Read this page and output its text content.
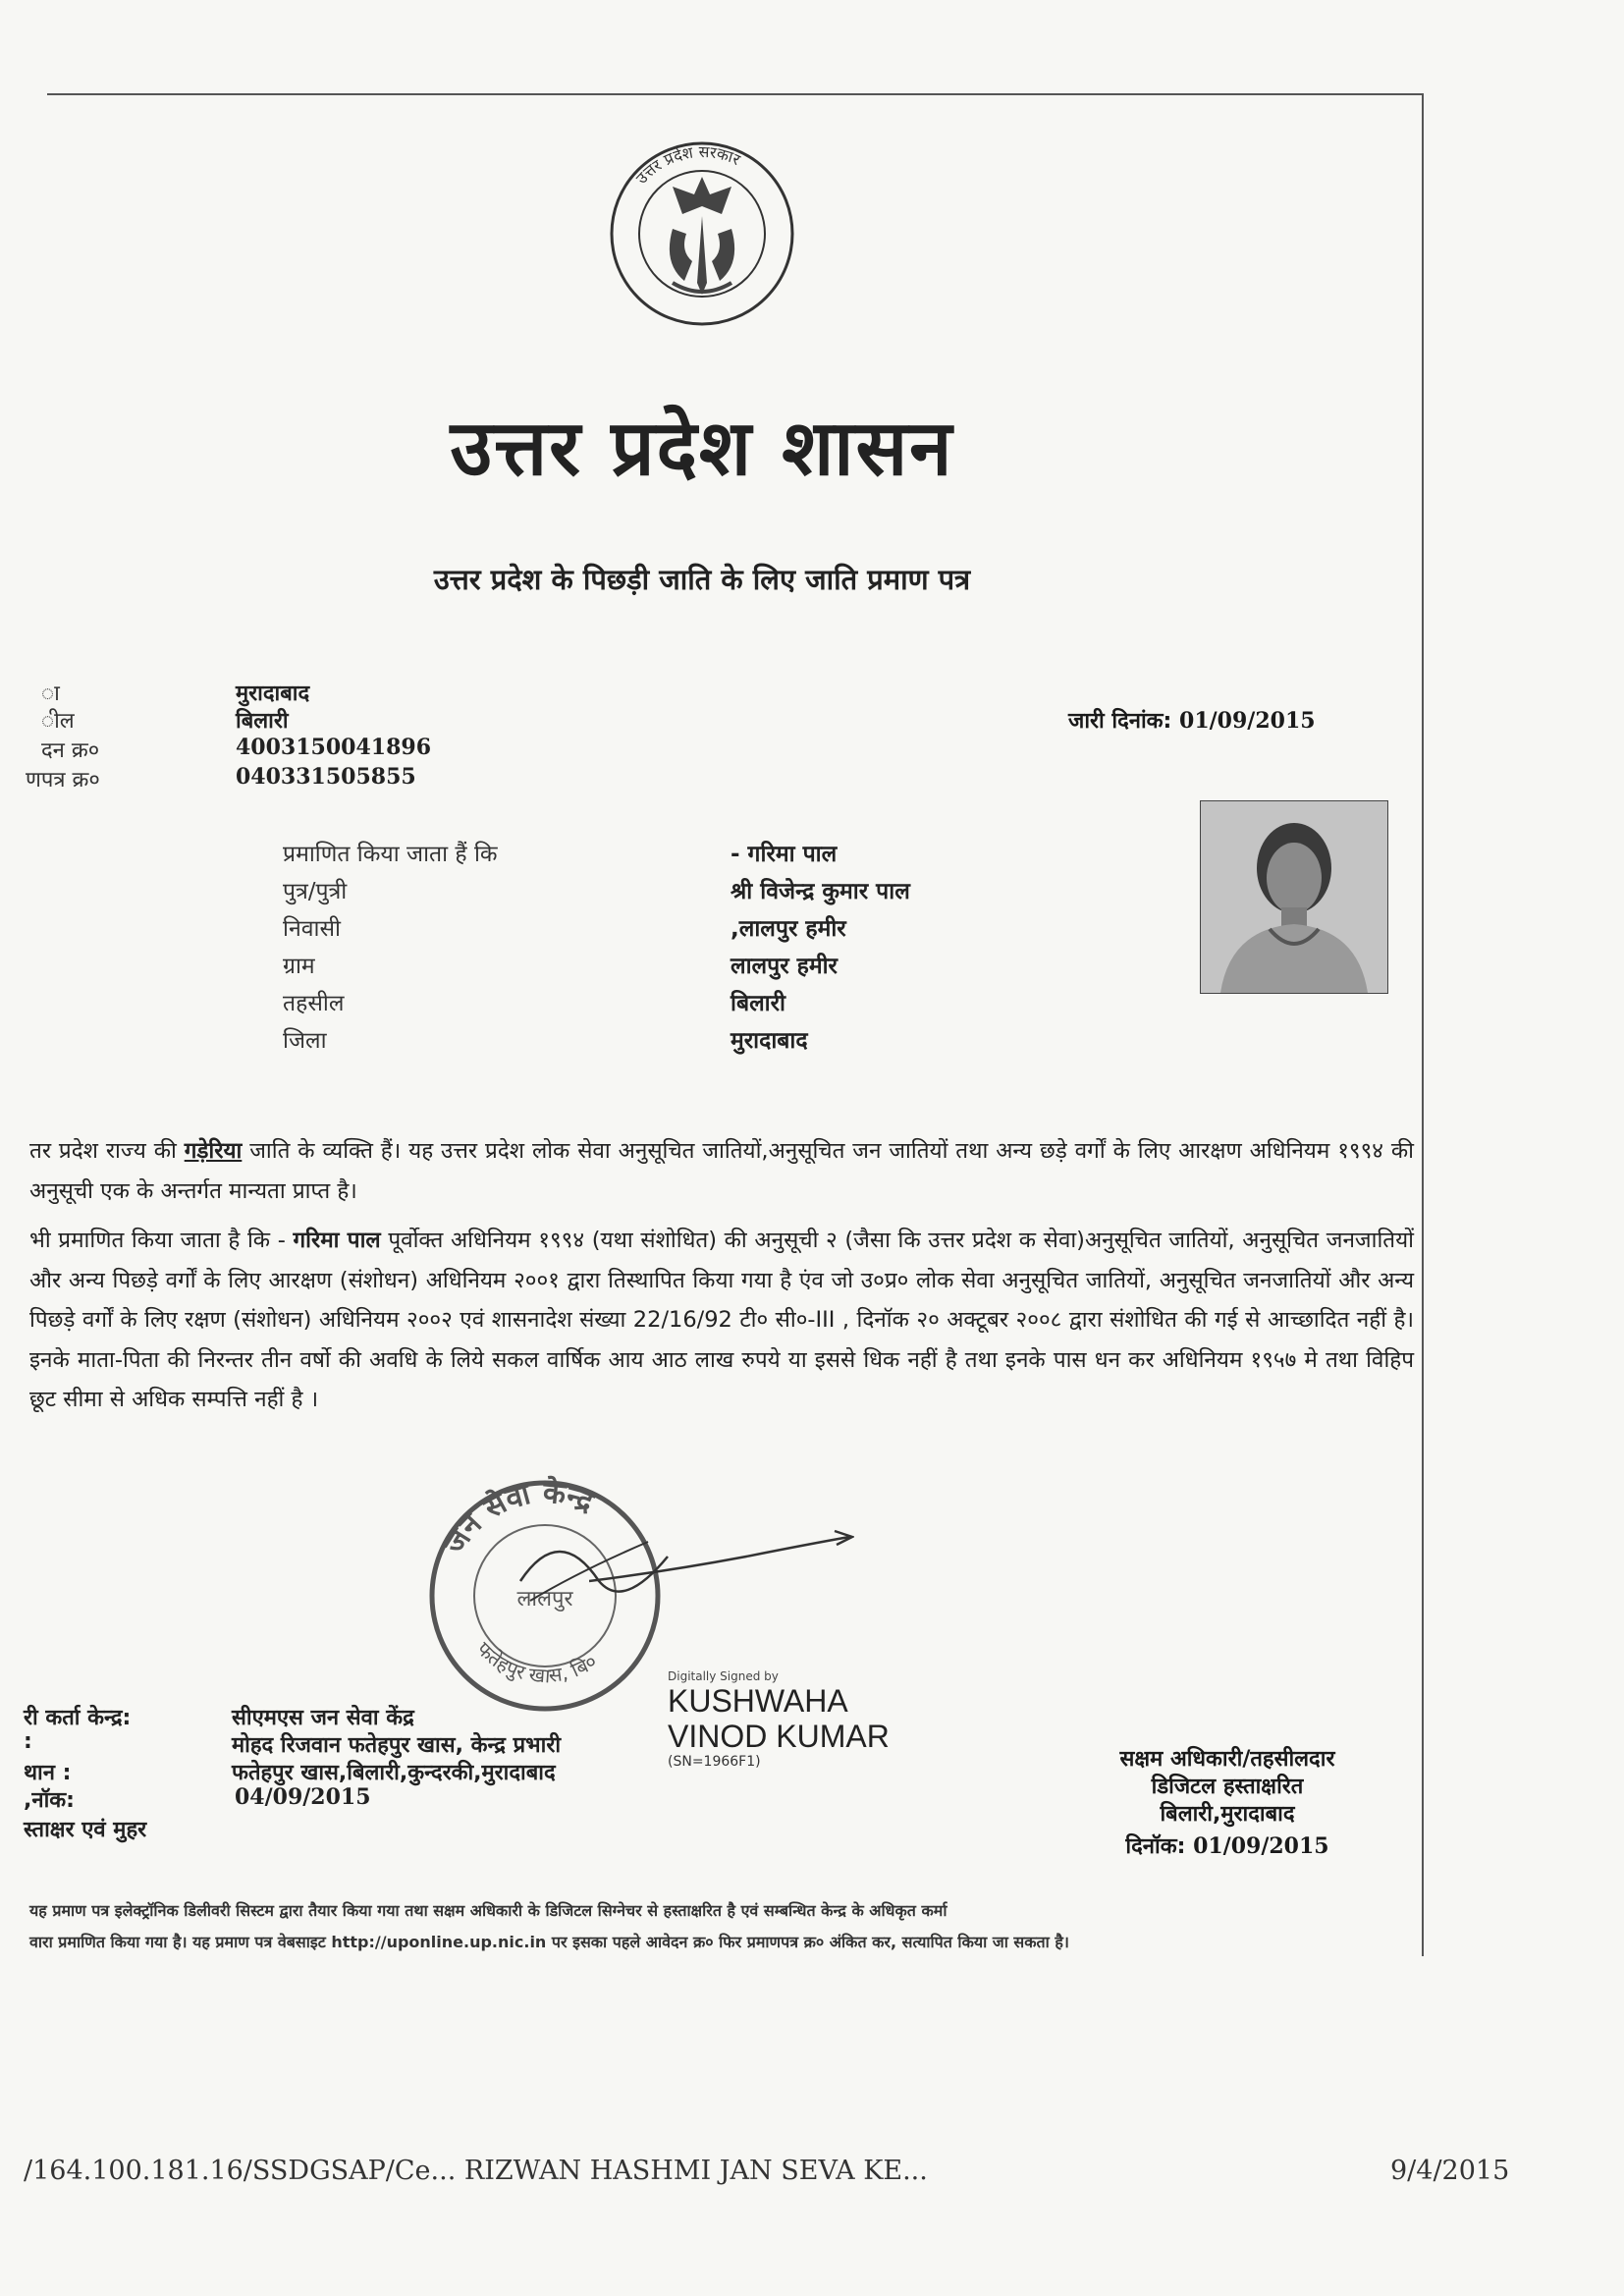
उत्तर प्रदेश सरकार
उत्तर प्रदेश शासन
उत्तर प्रदेश के पिछड़ी जाति के लिए जाति प्रमाण पत्र
ा	मुरादाबाद
ील	बिलारी
दन क्र०	4003150041896
णपत्र क्र०	040331505855
जारी दिनांक: 01/09/2015
प्रमाणित किया जाता हैं कि	- गरिमा पाल
पुत्र/पुत्री	श्री विजेन्द्र कुमार पाल
निवासी	,लालपुर हमीर
ग्राम	लालपुर हमीर
तहसील	बिलारी
जिला	मुरादाबाद
तर प्रदेश राज्य की गड़ेरिया जाति के व्यक्ति हैं। यह उत्तर प्रदेश लोक सेवा अनुसूचित जातियों,अनुसूचित जन जातियों तथा अन्य छड़े वर्गों के लिए आरक्षण अधिनियम १९९४ की अनुसूची एक के अन्तर्गत मान्यता प्राप्त है।
भी प्रमाणित किया जाता है कि - गरिमा पाल पूर्वोक्त अधिनियम १९९४ (यथा संशोधित) की अनुसूची २ (जैसा कि उत्तर प्रदेश क सेवा)अनुसूचित जातियों, अनुसूचित जनजातियों और अन्य पिछड़े वर्गों के लिए आरक्षण (संशोधन) अधिनियम २००१ द्वारा तिस्थापित किया गया है एंव जो उ०प्र० लोक सेवा अनुसूचित जातियों, अनुसूचित जनजातियों और अन्य पिछड़े वर्गों के लिए रक्षण (संशोधन) अधिनियम २००२ एवं शासनादेश संख्या 22/16/92 टी० सी०-III , दिनॉक २० अक्टूबर २००८ द्वारा संशोधित की गई से आच्छादित नहीं है।इनके माता-पिता की निरन्तर तीन वर्षो की अवधि के लिये सकल वार्षिक आय आठ लाख रुपये या इससे धिक नहीं है तथा इनके पास धन कर अधिनियम १९५७ मे तथा विहिप छूट सीमा से अधिक सम्पत्ति नहीं है ।
जन सेवा केन्द्र
लालपुर
फतेहपुर खास, बि०
Digitally Signed by
KUSHWAHA
VINOD KUMAR
(SN=1966F1)
री कर्ता केन्द्र:	सीएमएस जन सेवा केंद्र
:	मोहद रिजवान फतेहपुर खास, केन्द्र प्रभारी
थान :	फतेहपुर खास,बिलारी,कुन्दरकी,मुरादाबाद
,नॉक:	04/09/2015
स्ताक्षर एवं मुहर
सक्षम अधिकारी/तहसीलदार
डिजिटल हस्ताक्षरित
बिलारी,मुरादाबाद
दिनॉक: 01/09/2015
यह प्रमाण पत्र इलेक्ट्रॉनिक डिलीवरी सिस्टम द्वारा तैयार किया गया तथा सक्षम अधिकारी के डिजिटल सिग्नेचर से हस्ताक्षरित है एवं सम्बन्धित केन्द्र के अधिकृत कर्मा
वारा प्रमाणित किया गया है। यह प्रमाण पत्र वेबसाइट http://uponline.up.nic.in पर इसका पहले आवेदन क्र० फिर प्रमाणपत्र क्र० अंकित कर, सत्यापित किया जा सकता है।
/164.100.181.16/SSDGSAP/Ce... RIZWAN HASHMI JAN SEVA KE...	9/4/2015
